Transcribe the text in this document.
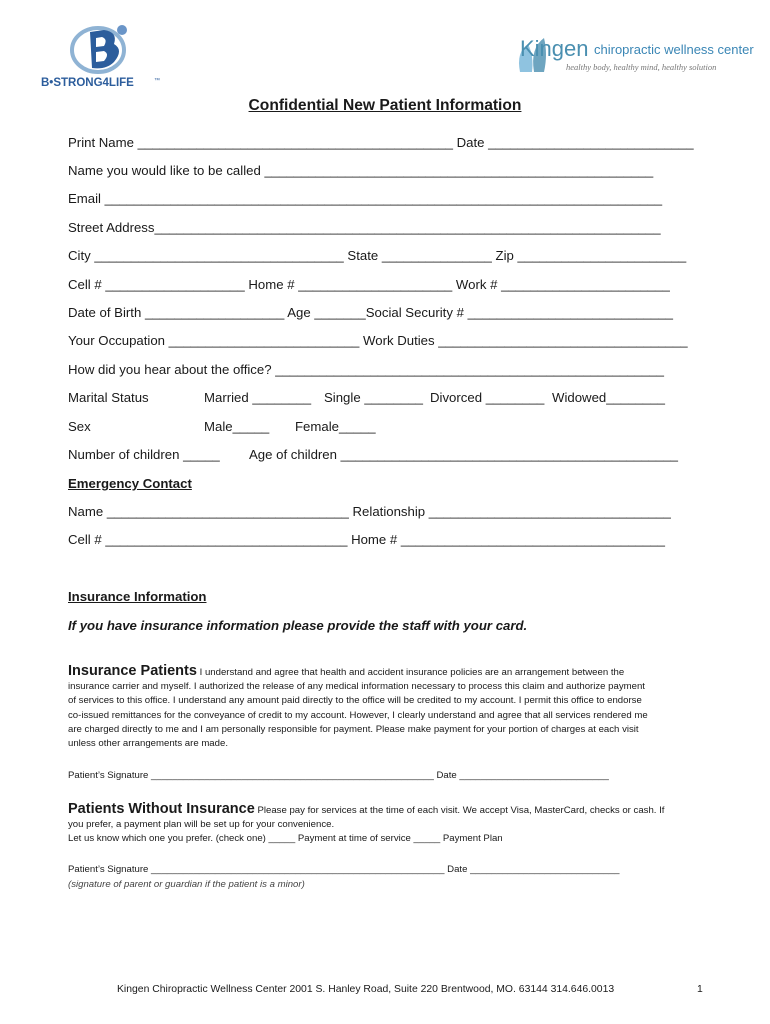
B•STRONG4LIFE	™
Kingen chiropractic wellness center
healthy body, healthy mind, healthy solution
Confidential New Patient Information
Print Name ___________________________________________ Date ____________________________
Name you would like to be called _____________________________________________________
Email ____________________________________________________________________________
Street Address_____________________________________________________________________
City __________________________________ State _______________ Zip _______________________
Cell # ___________________ Home # _____________________ Work # _______________________
Date of Birth ___________________ Age _______Social Security # ____________________________
Your Occupation __________________________ Work Duties __________________________________
How did you hear about the office? _____________________________________________________
Marital Status	Married ________ Single ________ Divorced ________ Widowed________
Sex	Male_____ Female_____
Number of children _____ Age of children ______________________________________________
Emergency Contact
Name _________________________________ Relationship _________________________________
Cell # _________________________________ Home # ____________________________________
Insurance Information
If you have insurance information please provide the staff with your card.
Insurance Patients I understand and agree that health and accident insurance policies are an arrangement between the
insurance carrier and myself. I authorized the release of any medical information necessary to process this claim and authorize payment
of services to this office. I understand any amount paid directly to the office will be credited to my account. I permit this office to endorse
co-issued remittances for the conveyance of credit to my account. However, I clearly understand and agree that all services rendered me
are charged directly to me and I am personally responsible for payment. Please make payment for your portion of charges at each visit
unless other arrangements are made.
Patient’s Signature _____________________________________________________ Date ____________________________
Patients Without Insurance Please pay for services at the time of each visit. We accept Visa, MasterCard, checks or cash. If
you prefer, a payment plan will be set up for your convenience.
Let us know which one you prefer. (check one) _____ Payment at time of service _____ Payment Plan
Patient’s Signature _______________________________________________________ Date ____________________________
(signature of parent or guardian if the patient is a minor)
Kingen Chiropractic Wellness Center 2001 S. Hanley Road, Suite 220 Brentwood, MO. 63144 314.646.0013	1
